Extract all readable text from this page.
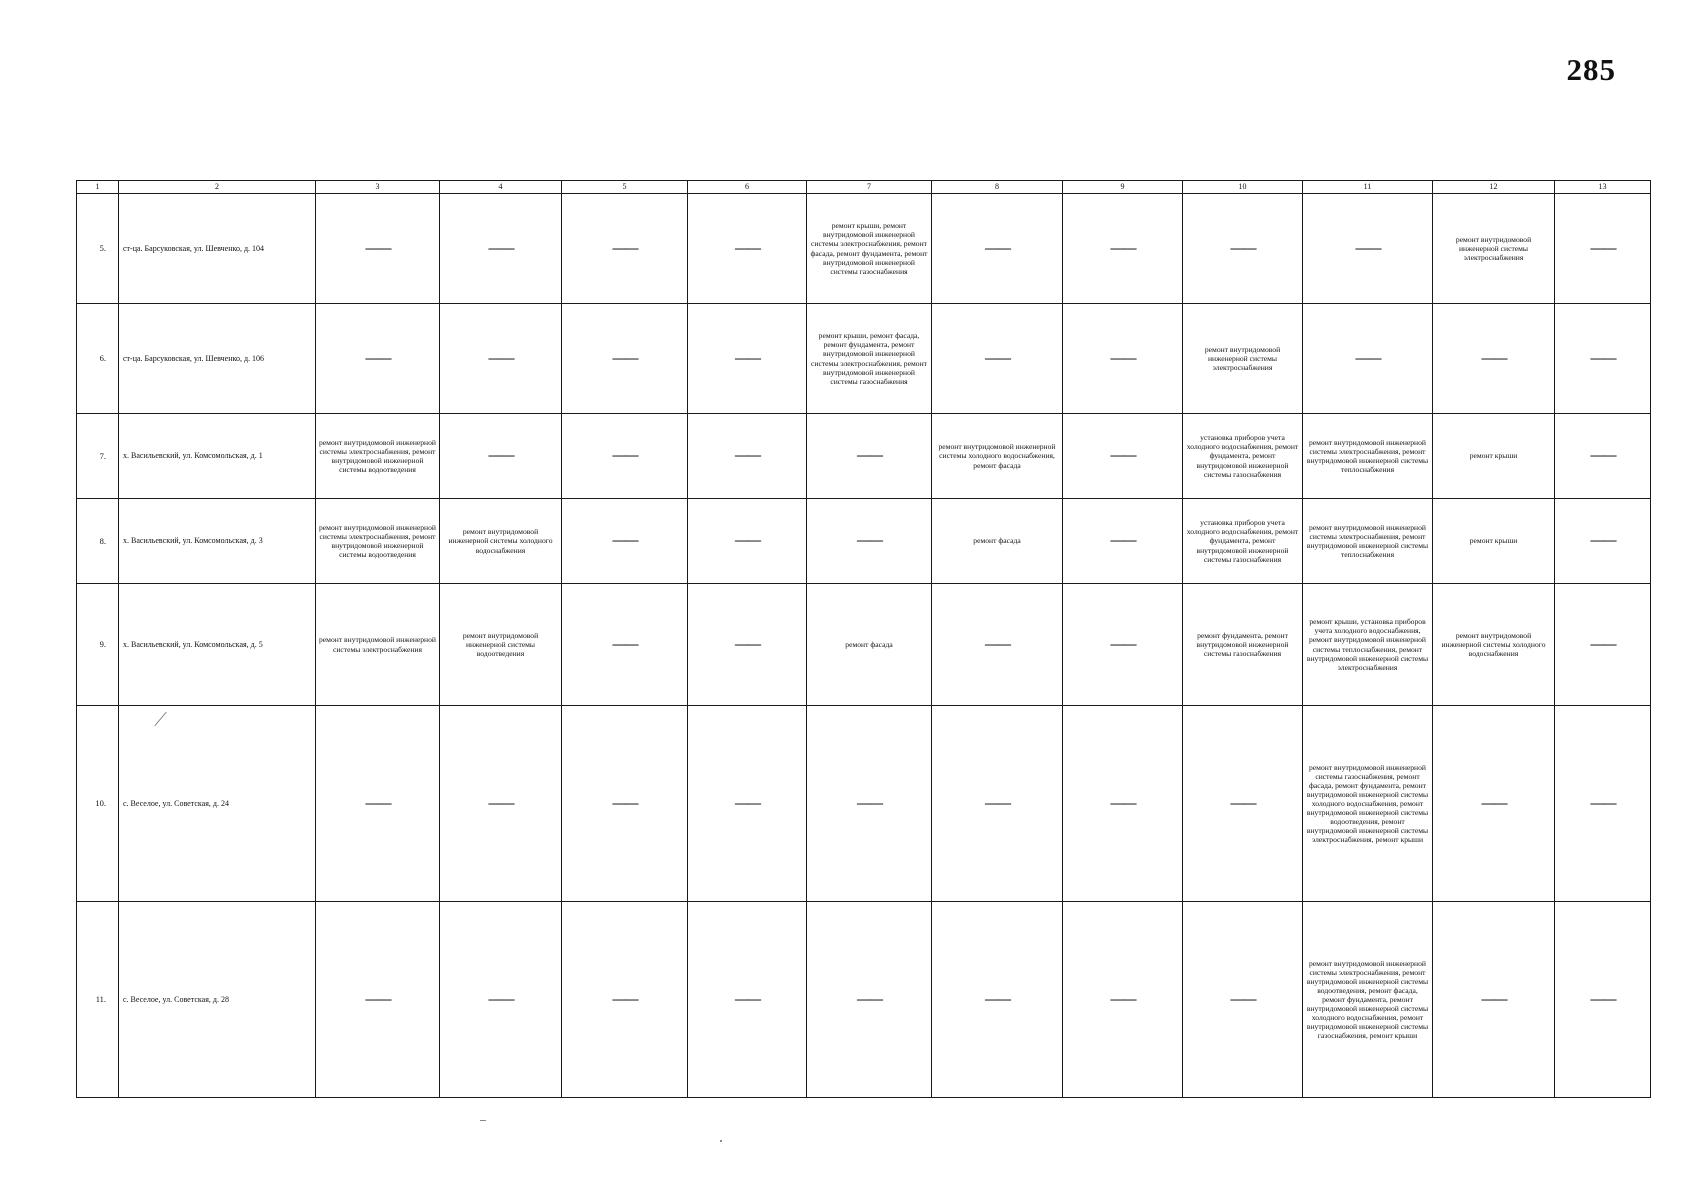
285
1	2	3	4	5	6	7	8	9	10	11	12	13
5.	ст-ца. Барсуковская, ул. Шевченко, д. 104	——	——	——	——	ремонт крыши, ремонт внутридомовой инженерной системы электроснабжения, ремонт фасада, ремонт фундамента, ремонт внутридомовой инженерной системы газоснабжения	——	——	——	——	ремонт внутридомовой инженерной системы электроснабжения	——
6.	ст-ца. Барсуковская, ул. Шевченко, д. 106	——	——	——	——	ремонт крыши, ремонт фасада, ремонт фундамента, ремонт внутридомовой инженерной системы электроснабжения, ремонт внутридомовой инженерной системы газоснабжения	——	——	ремонт внутридомовой инженерной системы электроснабжения	——	——	——
7.	х. Васильевский, ул. Комсомольская, д. 1	ремонт внутридомовой инженерной системы электроснабжения, ремонт внутридомовой инженерной системы водоотведения	——	——	——	——	ремонт внутридомовой инженерной системы холодного водоснабжения, ремонт фасада	——	установка приборов учета холодного водоснабжения, ремонт фундамента, ремонт внутридомовой инженерной системы газоснабжения	ремонт внутридомовой инженерной системы электроснабжения, ремонт внутридомовой инженерной системы теплоснабжения	ремонт крыши	——
8.	х. Васильевский, ул. Комсомольская, д. 3	ремонт внутридомовой инженерной системы электроснабжения, ремонт внутридомовой инженерной системы водоотведения	ремонт внутридомовой инженерной системы холодного водоснабжения	——	——	——	ремонт фасада	——	установка приборов учета холодного водоснабжения, ремонт фундамента, ремонт внутридомовой инженерной системы газоснабжения	ремонт внутридомовой инженерной системы электроснабжения, ремонт внутридомовой инженерной системы теплоснабжения	ремонт крыши	——
9.	х. Васильевский, ул. Комсомольская, д. 5	ремонт внутридомовой инженерной системы электроснабжения	ремонт внутридомовой инженерной системы водоотведения	——	——	ремонт фасада	——	——	ремонт фундамента, ремонт внутридомовой инженерной системы газоснабжения	ремонт крыши, установка приборов учета холодного водоснабжения, ремонт внутридомовой инженерной системы теплоснабжения, ремонт внутридомовой инженерной системы электроснабжения	ремонт внутридомовой инженерной системы холодного водоснабжения	——
10.	с. Веселое, ул. Советская, д. 24	——	——	——	——	——	——	——	——	ремонт внутридомовой инженерной системы газоснабжения, ремонт фасада, ремонт фундамента, ремонт внутридомовой инженерной системы холодного водоснабжения, ремонт внутридомовой инженерной системы водоотведения, ремонт внутридомовой инженерной системы электроснабжения, ремонт крыши	——	——
11.	с. Веселое, ул. Советская, д. 28	——	——	——	——	——	——	——	——	ремонт внутридомовой инженерной системы электроснабжения, ремонт внутридомовой инженерной системы водоотведения, ремонт фасада, ремонт фундамента, ремонт внутридомовой инженерной системы холодного водоснабжения, ремонт внутридомовой инженерной системы газоснабжения, ремонт крыши	——	——
